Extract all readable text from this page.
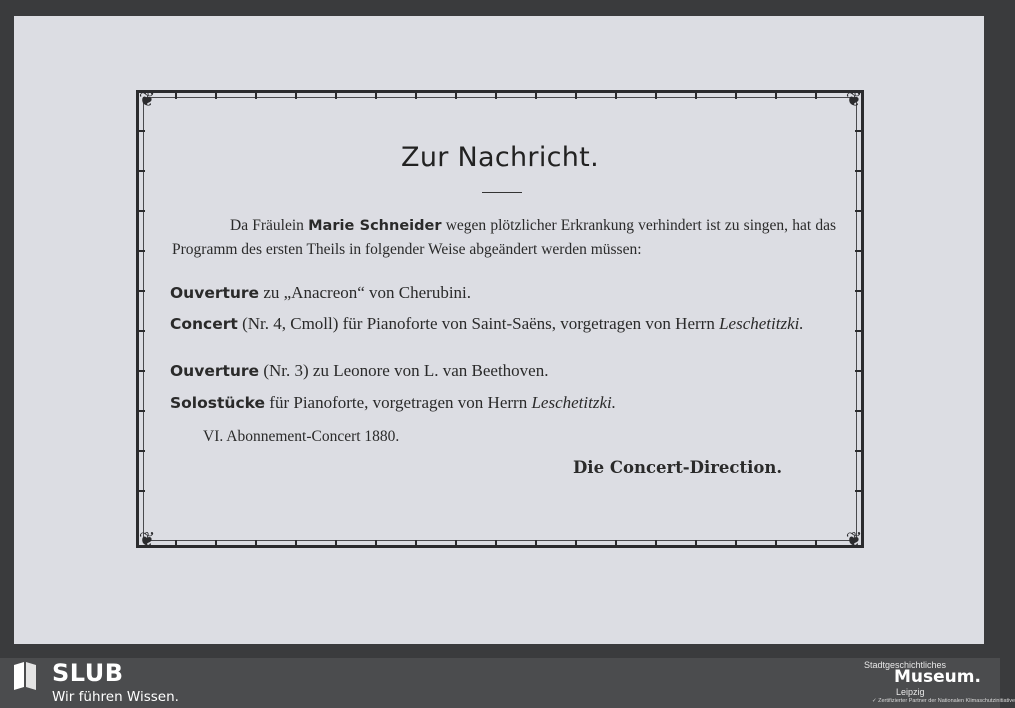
❦	❦
❦	❦
Zur Nachricht.
Da Fräulein Marie Schneider wegen plötzlicher Erkrankung verhindert ist zu singen, hat das Programm des ersten Theils in folgender Weise abgeändert werden müssen:
Ouverture zu „Anacreon“ von Cherubini.
Concert (Nr. 4, Cmoll) für Pianoforte von Saint-Saëns, vorgetragen von Herrn Leschetitzki.
Ouverture (Nr. 3) zu Leonore von L. van Beethoven.
Solostücke für Pianoforte, vorgetragen von Herrn Leschetitzki.
VI. Abonnement-Concert 1880.
Die Concert-Direction.
SLUB
Wir führen Wissen.
Stadtgeschichtliches
Museum.
Leipzig
✓ Zertifizierter Partner der Nationalen Klimaschutzinitiative
